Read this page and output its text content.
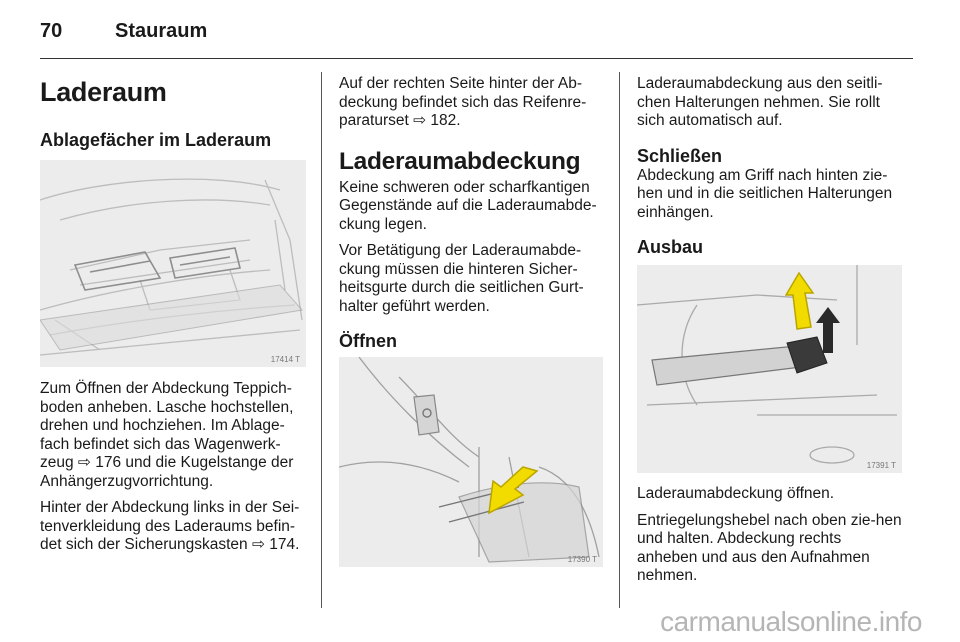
70	Stauraum
Laderaum
Ablagefächer im Laderaum
17414 T

Zum Öffnen der Abdeckung Teppich-boden anheben. Lasche hochstellen, drehen und hochziehen. Im Ablage-fach befindet sich das Wagenwerk-zeug ⇨ 176 und die Kugelstange der Anhängerzugvorrichtung.

Hinter der Abdeckung links in der Sei-tenverkleidung des Laderaums befin-det sich der Sicherungskasten ⇨ 174.

Auf der rechten Seite hinter der Ab-deckung befindet sich das Reifenre-paraturset ⇨ 182.

Laderaumabdeckung

Keine schweren oder scharfkantigen Gegenstände auf die Laderaumabde-ckung legen.

Vor Betätigung der Laderaumabde-ckung müssen die hinteren Sicher-heitsgurte durch die seitlichen Gurt-halter geführt werden.

Öffnen
17390 T

Laderaumabdeckung aus den seitli-chen Halterungen nehmen. Sie rollt sich automatisch auf.

Schließen

Abdeckung am Griff nach hinten zie-hen und in die seitlichen Halterungen einhängen.

Ausbau
17391 T

Laderaumabdeckung öffnen.

Entriegelungshebel nach oben zie-hen und halten. Abdeckung rechts anheben und aus den Aufnahmen nehmen.

carmanualsonline.info
